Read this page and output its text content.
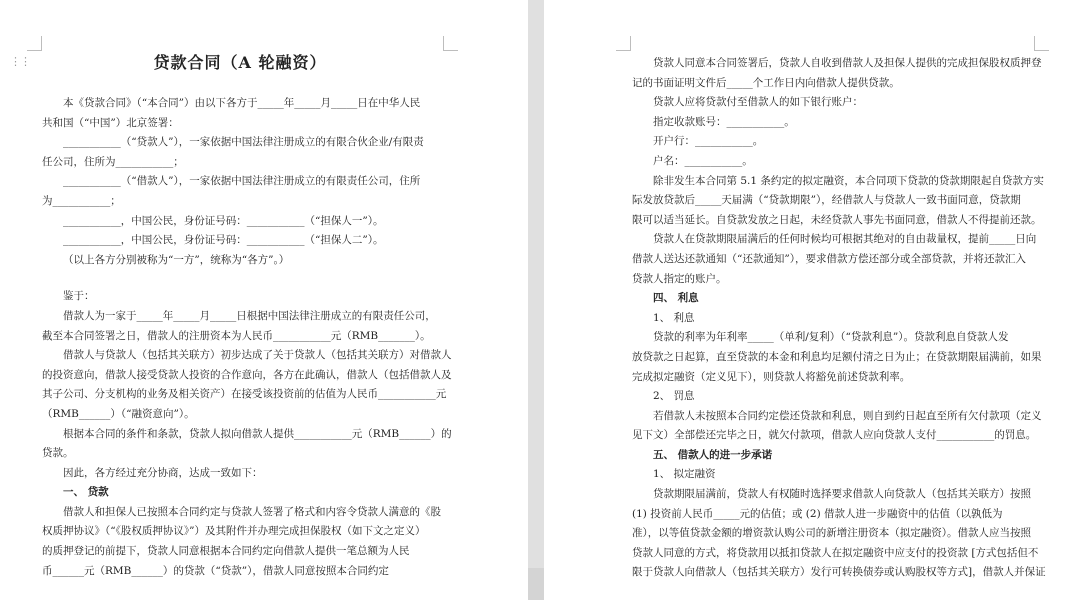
⋮⋮	贷款合同（A 轮融资）
本《贷款合同》（“本合同”）由以下各方于_____年_____月_____日在中华人民
共和国（“中国”）北京签署：
___________（“贷款人”），一家依据中国法律注册成立的有限合伙企业/有限责
任公司，住所为___________；
___________（“借款人”），一家依据中国法律注册成立的有限责任公司，住所
为___________；
___________，中国公民，身份证号码：___________（“担保人一”）。
___________，中国公民，身份证号码：___________（“担保人二”）。
（以上各方分别被称为“一方”，统称为“各方”。）
鉴于：
借款人为一家于_____年_____月_____日根据中国法律注册成立的有限责任公司，
截至本合同签署之日，借款人的注册资本为人民币___________元（RMB_______）。
借款人与贷款人（包括其关联方）初步达成了关于贷款人（包括其关联方）对借款人
的投资意向，借款人接受贷款人投资的合作意向，各方在此确认，借款人（包括借款人及
其子公司、分支机构的业务及相关资产）在接受该投资前的估值为人民币___________元
（RMB______）（“融资意向”）。
根据本合同的条件和条款，贷款人拟向借款人提供___________元（RMB______）的
贷款。
因此，各方经过充分协商，达成一致如下：
一、 贷款
借款人和担保人已按照本合同约定与贷款人签署了格式和内容令贷款人满意的《股
权质押协议》（“《股权质押协议》”）及其附件并办理完成担保股权（如下文之定义）
的质押登记的前提下，贷款人同意根据本合同约定向借款人提供一笔总额为人民
币______元（RMB______）的贷款（“贷款”），借款人同意按照本合同约定
贷款人同意本合同签署后，贷款人自收到借款人及担保人提供的完成担保股权质押登
记的书面证明文件后_____个工作日内向借款人提供贷款。
贷款人应将贷款付至借款人的如下银行账户：
指定收款账号：___________。
开户行：___________。
户名：___________。
除非发生本合同第 5.1 条约定的拟定融资，本合同项下贷款的贷款期限起自贷款方实
际发放贷款后_____天届满（“贷款期限”），经借款人与贷款人一致书面同意，贷款期
限可以适当延长。自贷款发放之日起，未经贷款人事先书面同意，借款人不得提前还款。
贷款人在贷款期限届满后的任何时候均可根据其绝对的自由裁量权，提前_____日向
借款人送达还款通知（“还款通知”），要求借款方偿还部分或全部贷款，并将还款汇入
贷款人指定的账户。
四、 利息
1、 利息
贷款的利率为年利率_____（单利/复利）（“贷款利息”）。贷款利息自贷款人发
放贷款之日起算，直至贷款的本金和利息均足额付清之日为止；在贷款期限届满前，如果
完成拟定融资（定义见下），则贷款人将豁免前述贷款利率。
2、 罚息
若借款人未按照本合同约定偿还贷款和利息，则自到约日起直至所有欠付款项（定义
见下文）全部偿还完毕之日，就欠付款项，借款人应向贷款人支付___________的罚息。
五、 借款人的进一步承诺
1、 拟定融资
贷款期限届满前，贷款人有权随时选择要求借款人向贷款人（包括其关联方）按照
(1) 投资前人民币_____元的估值；或 (2) 借款人进一步融资中的估值（以孰低为
准），以等值贷款金额的增资款认购公司的新增注册资本（拟定融资）。借款人应当按照
贷款人同意的方式，将贷款用以抵扣贷款人在拟定融资中应支付的投资款 [方式包括但不
限于贷款人向借款人（包括其关联方）发行可转换债券或认购股权等方式]，借款人并保证
